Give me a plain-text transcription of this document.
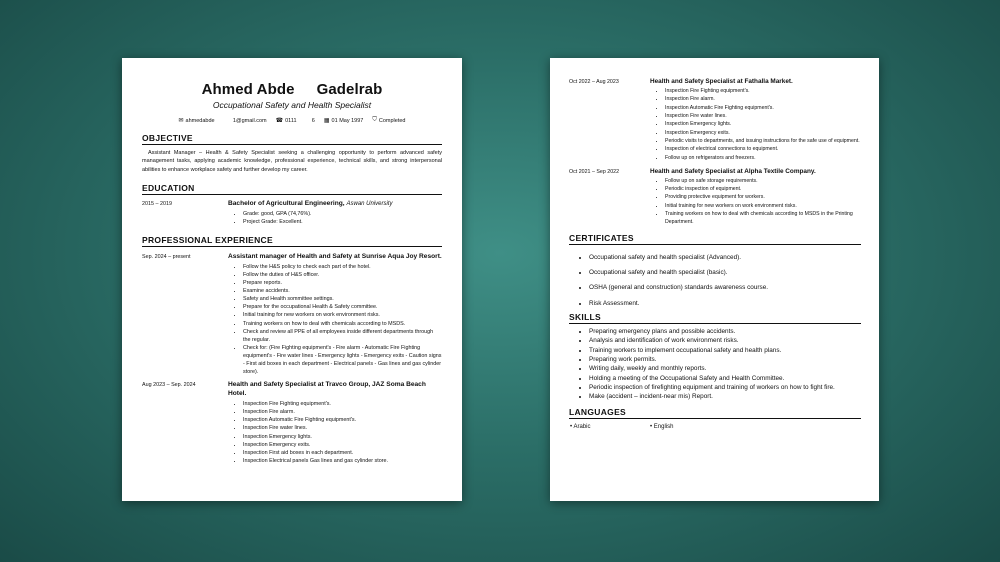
Ahmed Abde Gadelrab
Occupational Safety and Health Specialist
✉ ahmedabde            1@gmail.com ☎ 0111          6 ▦ 01 May 1997 ⛉ Completed
OBJECTIVE
Assistant Manager – Health & Safety Specialist seeking a challenging opportunity to perform advanced safety management tasks, applying academic knowledge, professional experience, technical skills, and strong interpersonal abilities to enhance workplace safety and further develop my career.
EDUCATION
2015 – 2019	Bachelor of Agricultural Engineering, Aswan University
• Grade: good, GPA (74,76%).
• Project Grade: Excellent.
PROFESSIONAL EXPERIENCE
Sep. 2024 – present	Assistant manager of Health and Safety at Sunrise Aqua Joy Resort.
• Follow the H&S policy to check each part of the hotel.
• Follow the duties of H&S officer.
• Prepare reports.
• Examine accidents.
• Safety and Health sommittee settings.
• Prepare for the occupational Health & Safety committee.
• Initial training for new workers on work environment risks.
• Training workers on how to deal with chemicals according to MSDS.
• Check and review all PPE of all employees inside different departments through the regular.
• Check for: (Fire Fighting equipment's - Fire alarm - Automatic Fire Fighting equipment's - Fire water lines - Emergency lights - Emergency exits - Caution signs - First aid boxes in each department - Electrical panels - Gas lines and gas cylinder store).
Aug 2023 – Sep. 2024	Health and Safety Specialist at Travco Group, JAZ Soma Beach Hotel.
• Inspection Fire Fighting equipment's.
• Inspection Fire alarm.
• Inspection Automatic Fire Fighting equipment's.
• Inspection Fire water lines.
• Inspection Emergency lights.
• Inspection Emergency exits.
• Inspection First aid boxes in each department.
• Inspection Electrical panels Gas lines and gas cylinder store.
Oct 2022 – Aug 2023	Health and Safety Specialist at Fathalla Market.
• Inspection Fire Fighting equipment's.
• Inspection Fire alarm.
• Inspection Automatic Fire Fighting equipment's.
• Inspection Fire water lines.
• Inspection Emergency lights.
• Inspection Emergency exits.
• Periodic visits to departments, and issuing instructions for the safe use of equipment.
• Inspection of electrical connections to equipment.
• Follow up on refrigerators and freezers.
Oct 2021 – Sep 2022	Health and Safety Specialist at Alpha Textile Company.
• Follow up on safe storage requirements.
• Periodic inspection of equipment.
• Providing protective equipment for workers.
• Initial training for new workers on work environment risks.
• Training workers on how to deal with chemicals according to MSDS in the Printing Department.
CERTIFICATES
• Occupational safety and health specialist (Advanced).
• Occupational safety and health specialist (basic).
• OSHA (general and construction) standards awareness course.
• Risk Assessment.
SKILLS
• Preparing emergency plans and possible accidents.
• Analysis and identification of work environment risks.
• Training workers to implement occupational safety and health plans.
• Preparing work permits.
• Writing daily, weekly and monthly reports.
• Holding a meeting of the Occupational Safety and Health Committee.
• Periodic inspection of firefighting equipment and training of workers on how to fight fire.
• Make (accident – incident-near mis) Report.
LANGUAGES
• Arabic	• English
